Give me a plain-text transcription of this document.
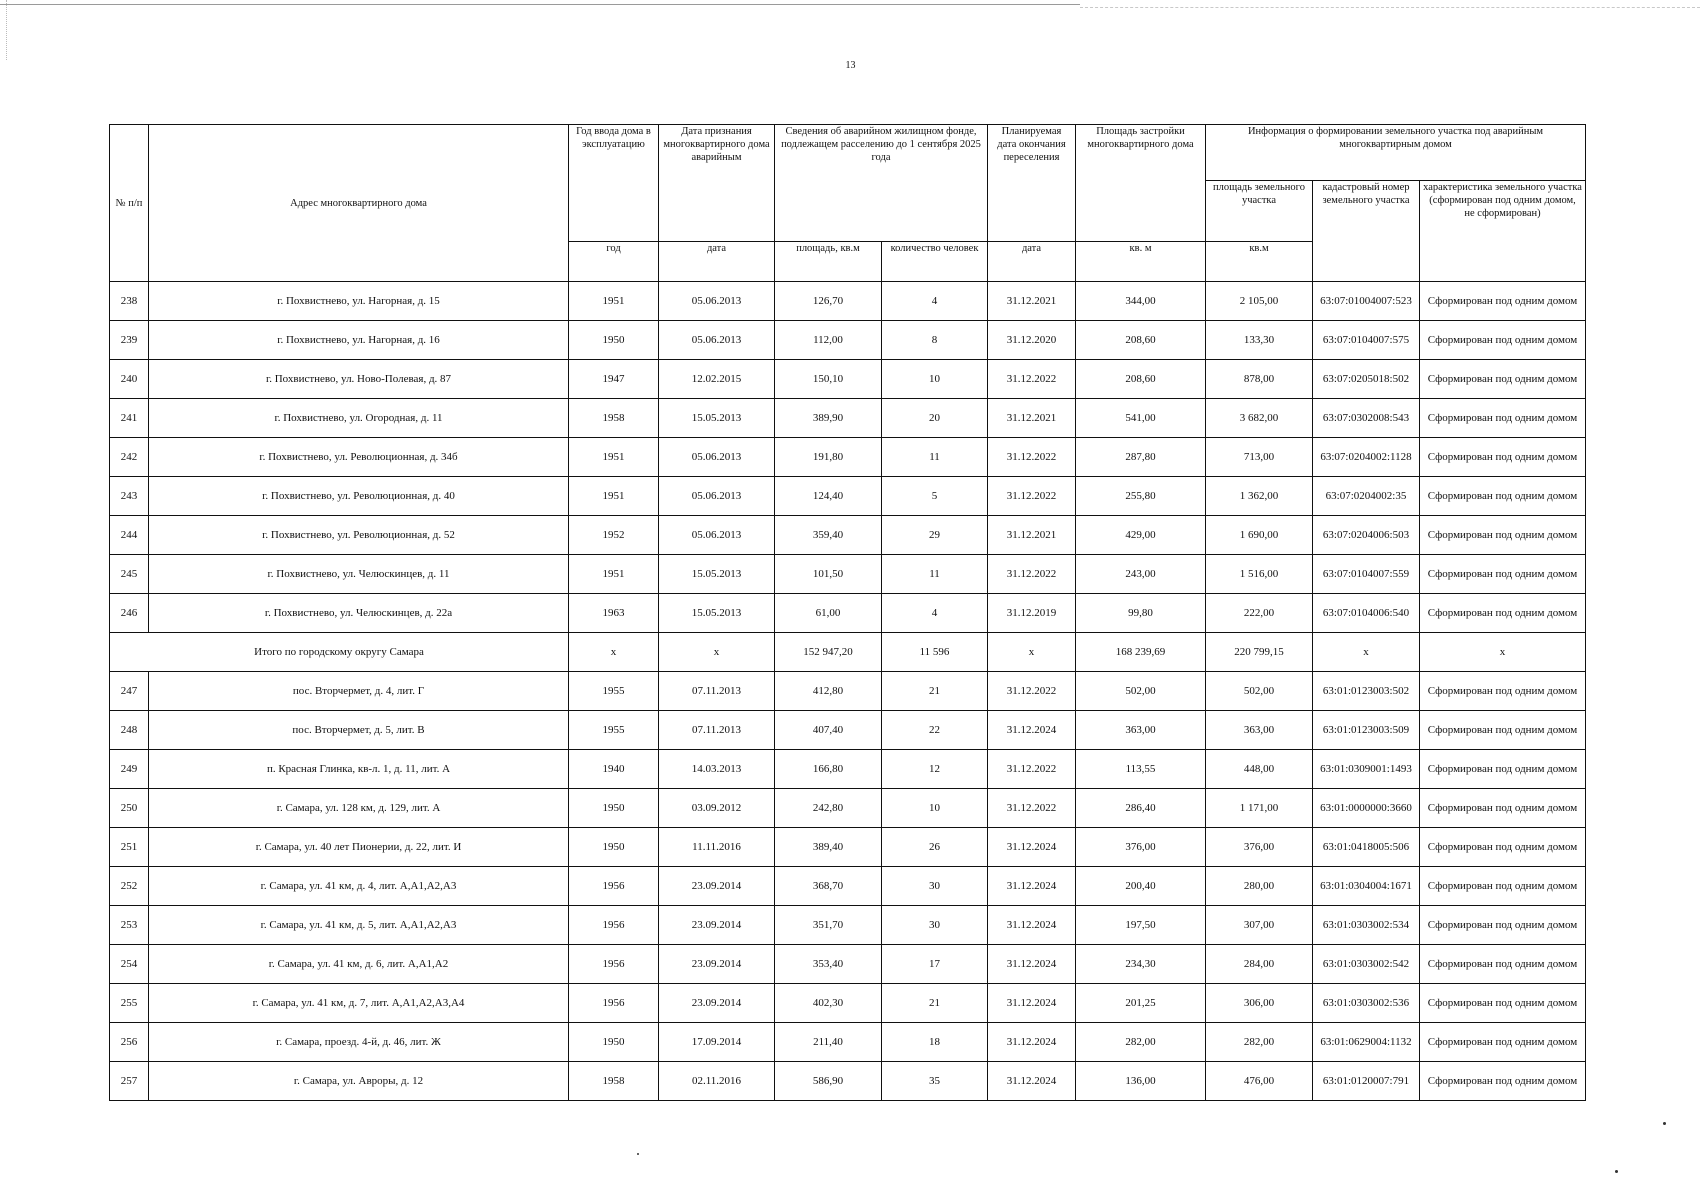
13
№ п/п	Адрес многоквартирного дома	Год ввода дома в эксплуатацию	Дата признания многоквартирного дома аварийным	Сведения об аварийном жилищном фонде, подлежащем расселению до 1 сентября 2025 года		Планируемая дата окончания переселения	Площадь застройки многоквартирного дома	Информация о формировании земельного участка под аварийным многоквартирным домом		
								площадь земельного участка	кадастровый номер земельного участка	характеристика земельного участка (сформирован под одним домом, не сформирован)
		год	дата	площадь, кв.м	количество человек	дата	кв. м	кв.м		
238	г. Похвистнево, ул. Нагорная, д. 15	1951	05.06.2013	126,70	4	31.12.2021	344,00	2 105,00	63:07:01004007:523	Сформирован под одним домом
239	г. Похвистнево, ул. Нагорная, д. 16	1950	05.06.2013	112,00	8	31.12.2020	208,60	133,30	63:07:0104007:575	Сформирован под одним домом
240	г. Похвистнево, ул. Ново-Полевая, д. 87	1947	12.02.2015	150,10	10	31.12.2022	208,60	878,00	63:07:0205018:502	Сформирован под одним домом
241	г. Похвистнево, ул. Огородная, д. 11	1958	15.05.2013	389,90	20	31.12.2021	541,00	3 682,00	63:07:0302008:543	Сформирован под одним домом
242	г. Похвистнево, ул. Революционная, д. 34б	1951	05.06.2013	191,80	11	31.12.2022	287,80	713,00	63:07:0204002:1128	Сформирован под одним домом
243	г. Похвистнево, ул. Революционная, д. 40	1951	05.06.2013	124,40	5	31.12.2022	255,80	1 362,00	63:07:0204002:35	Сформирован под одним домом
244	г. Похвистнево, ул. Революционная, д. 52	1952	05.06.2013	359,40	29	31.12.2021	429,00	1 690,00	63:07:0204006:503	Сформирован под одним домом
245	г. Похвистнево, ул. Челюскинцев, д. 11	1951	15.05.2013	101,50	11	31.12.2022	243,00	1 516,00	63:07:0104007:559	Сформирован под одним домом
246	г. Похвистнево, ул. Челюскинцев, д. 22а	1963	15.05.2013	61,00	4	31.12.2019	99,80	222,00	63:07:0104006:540	Сформирован под одним домом
Итого по городскому округу Самара		х	х	152 947,20	11 596	х	168 239,69	220 799,15	х	х
247	пос. Вторчермет, д. 4, лит. Г	1955	07.11.2013	412,80	21	31.12.2022	502,00	502,00	63:01:0123003:502	Сформирован под одним домом
248	пос. Вторчермет, д. 5, лит. В	1955	07.11.2013	407,40	22	31.12.2024	363,00	363,00	63:01:0123003:509	Сформирован под одним домом
249	п. Красная Глинка, кв-л. 1, д. 11, лит. А	1940	14.03.2013	166,80	12	31.12.2022	113,55	448,00	63:01:0309001:1493	Сформирован под одним домом
250	г. Самара, ул. 128 км, д. 129, лит. А	1950	03.09.2012	242,80	10	31.12.2022	286,40	1 171,00	63:01:0000000:3660	Сформирован под одним домом
251	г. Самара, ул. 40 лет Пионерии, д. 22, лит. И	1950	11.11.2016	389,40	26	31.12.2024	376,00	376,00	63:01:0418005:506	Сформирован под одним домом
252	г. Самара, ул. 41 км, д. 4, лит. А,А1,А2,А3	1956	23.09.2014	368,70	30	31.12.2024	200,40	280,00	63:01:0304004:1671	Сформирован под одним домом
253	г. Самара, ул. 41 км, д. 5, лит. А,А1,А2,А3	1956	23.09.2014	351,70	30	31.12.2024	197,50	307,00	63:01:0303002:534	Сформирован под одним домом
254	г. Самара, ул. 41 км, д. 6, лит. А,А1,А2	1956	23.09.2014	353,40	17	31.12.2024	234,30	284,00	63:01:0303002:542	Сформирован под одним домом
255	г. Самара, ул. 41 км, д. 7, лит. А,А1,А2,А3,А4	1956	23.09.2014	402,30	21	31.12.2024	201,25	306,00	63:01:0303002:536	Сформирован под одним домом
256	г. Самара, проезд. 4-й, д. 46, лит. Ж	1950	17.09.2014	211,40	18	31.12.2024	282,00	282,00	63:01:0629004:1132	Сформирован под одним домом
257	г. Самара, ул. Авроры, д. 12	1958	02.11.2016	586,90	35	31.12.2024	136,00	476,00	63:01:0120007:791	Сформирован под одним домом
